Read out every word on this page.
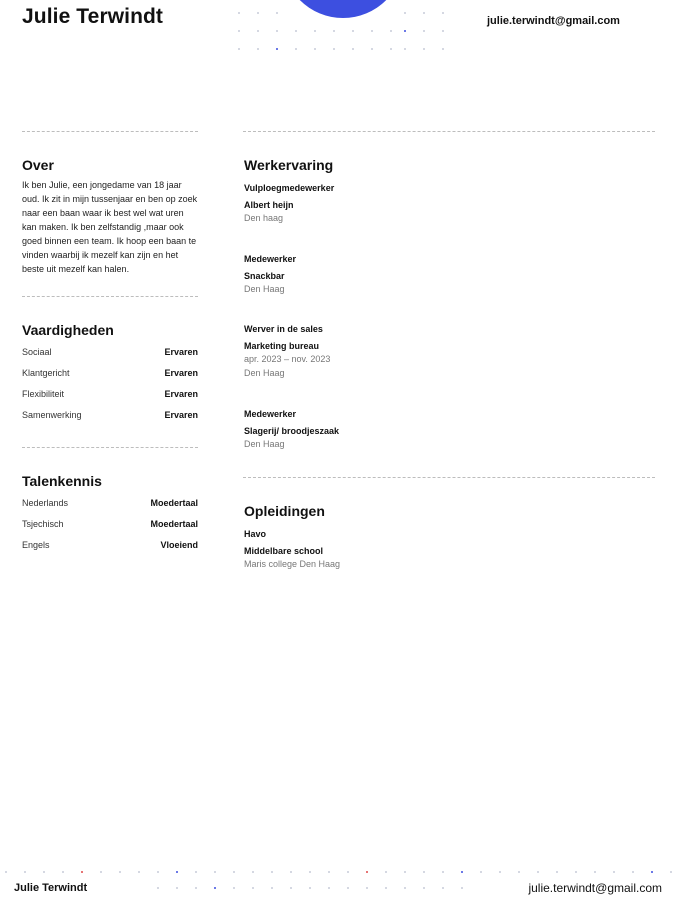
Julie Terwindt	julie.terwindt@gmail.com
Over
Ik ben Julie, een jongedame van 18 jaar oud. Ik zit in mijn tussenjaar en ben op zoek naar een baan waar ik best wel wat uren kan maken. Ik ben zelfstandig ,maar ook goed binnen een team. Ik hoop een baan te vinden waarbij ik mezelf kan zijn en het beste uit mezelf kan halen.
Vaardigheden
Sociaal	Ervaren
Klantgericht	Ervaren
Flexibiliteit	Ervaren
Samenwerking	Ervaren
Talenkennis
Nederlands	Moedertaal
Tsjechisch	Moedertaal
Engels	Vloeiend
Werkervaring
Vulploegmedewerker
Albert heijn
Den haag
Medewerker
Snackbar
Den Haag
Werver in de sales
Marketing bureau
apr. 2023 – nov. 2023
Den Haag
Medewerker
Slagerij/ broodjeszaak
Den Haag
Opleidingen
Havo
Middelbare school
Maris college Den Haag
Julie Terwindt	julie.terwindt@gmail.com
